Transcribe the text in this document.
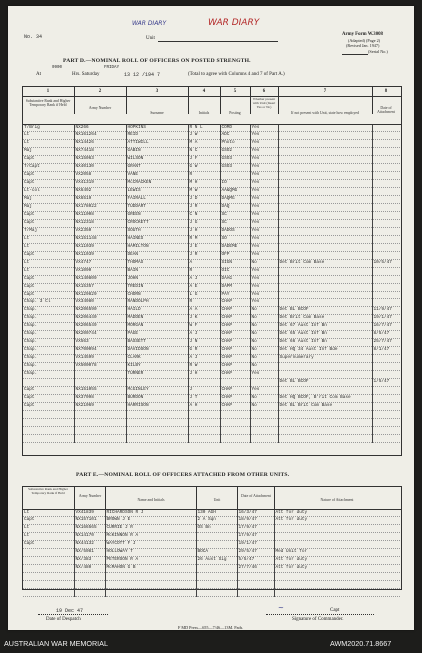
No. 34
WAR DIARY
Unit
WAR DIARY
Army Form W.3008
(Adapted) (Page 2)
(Revised Jan. 1947)
(Serial No.)
PART D.—NOMINAL ROLL OF OFFICERS ON POSTED STRENGTH.
0900	FRIDAY
At	Hrs. Saturday	13 12 /194 7	(Total to agree with Columns 4 and 7 of Part A.)
1	2	3	4	5	6	7	8
Substantive Rank and Higher Temporary Rank if Held
Army Number
Surname	Initials	Posting
Whether present with Unit (Insert Yes or No)
If not present with Unit, state how employed
Date of Attachment
T/Brig	NX266	HOPKINS	R N L	COMD	Yes		
Lt	NX161264	REID	J W	ADC	Yes		
Lt	NX14426	ATTIWILL	M A	Photo	Yes		
Maj	NX74418	GABIN	N C	GSO2	Yes		
Capt	NX15063	WILSON	J F	GSO3	Yes		
T/Capt	NX40130	GRANT	G W	GSO3	Yes		
Capt	VX2058	VANE	R		Yes		
Capt	VX41319	McCRACKEN	M H	IO	Yes		
Lt-col	NX6492	LEWIS	M W	AA&QMG	Yes		
Maj	NX6519	FAIRALL	J D	DAQMG	Yes		
Maj	NX178022	TUDDART	J R	DAQ	Yes		
Capt	NX11008	GREEN	C N	SC	Yes		
Capt	NX12318	CROCKETT	J G	SC	Yes		
T/Maj	VX2350	SOUTH	J H	DADOS	Yes		
Lt	NX151148	HAINES	R M	SO	Yes		
Lt	NX11039	HAMILTON	J E	DADEME	Yes		
Capt	NX11039	DEAN	J R	OFP	Yes		
Lt	VX4747	THOMAS	A	SIGN	No	Det Brit Com Base	10/5/47
Lt	VX1090	BAIN	R	OIC	Yes		
Capt	NX140809	JOHN	A J	DAAG	Yes		
Capt	NX15357	TREDIN	A E	DAPM	Yes		
Capt	NX129829	CHORN	L G	PAY	Yes		
Chap. 3 Cl	VX34980	RANDOLPH	R	CHAP	Yes		
Chap.	NX206590	HAILD	A A	CHAP	No	Det BL BCOF	11/9/47
Chap.	NX206440	MADDEN	J K	CHAP	No	Det Brit Com Base	19/1/47
Chap.	NX206549	MORGAN	W F	CHAP	No	Det 67 Aust Inf Bn	16/7/47
Chap.	NX200744	PAGE	A J	CHAP	No	Det 65 Aust Inf Bn	8/5/47
Chap.	VX563	BASSETT	J N	CHAP	No	Det 66 Aust Inf Bn	25/7/47
Chap.	NX700094	DAVIDSON	G R	CHAP	No	Det HQ 34 Aust Inf Bde	8/1/47
Chap.	VX14599	CLARK	A J	CHAP	No	Supernumerary	
Chap.	VX500078	KILBY	R W	CHAP	No		
Chap.		TURNER	J H	CHAP	Yes		
						Det BL BCOF	1/5/47
Capt	NX151055	McGINLEY	J	CHAP	Yes		
Capt	NX37098	BURDON	J T	CHAP	No	Det HQ BCOF, B'rit Com Base	
Capt	NX21069	HARRISON	A H	CHAP	No	Det BL Brit Com Base	

PART E.—NOMINAL ROLL OF OFFICERS ATTACHED FROM OTHER UNITS.
Substantive Rank and Higher Temporary Rank if Held
Army Number
Name and Initials	Unit
Date of Attachment
Nature of Attachment
Lt	VX41839	RICHARDSON R J	130 AGH	16/3/47	Att for duty
Capt	NX157101	BROWN J E	2 A Sqn	18/9/47	Att for duty
Lt	NX166565	CURRIE J R	OS Bn	17/9/47	
Lt	NX14170	McKINNON R A		17/9/47	
Capt	NX44132	WAYCOTT F J		19/1/47	
	NX/5081	HOLLOWAY T	BOCA	29/5/47	Med Unit for
	NX/383	PETERSON R A	26 Aust Sig	5/5/47	Att for duty
	NX/480	McMAHON G B		27/7/46	Att for duty

19 Dec 47
Date of Despatch
~	Capt
Signature of Commander.
F MD Press—655—7/46—13M. Pads.
AUSTRALIAN WAR MEMORIAL	AWM2020.71.8667
